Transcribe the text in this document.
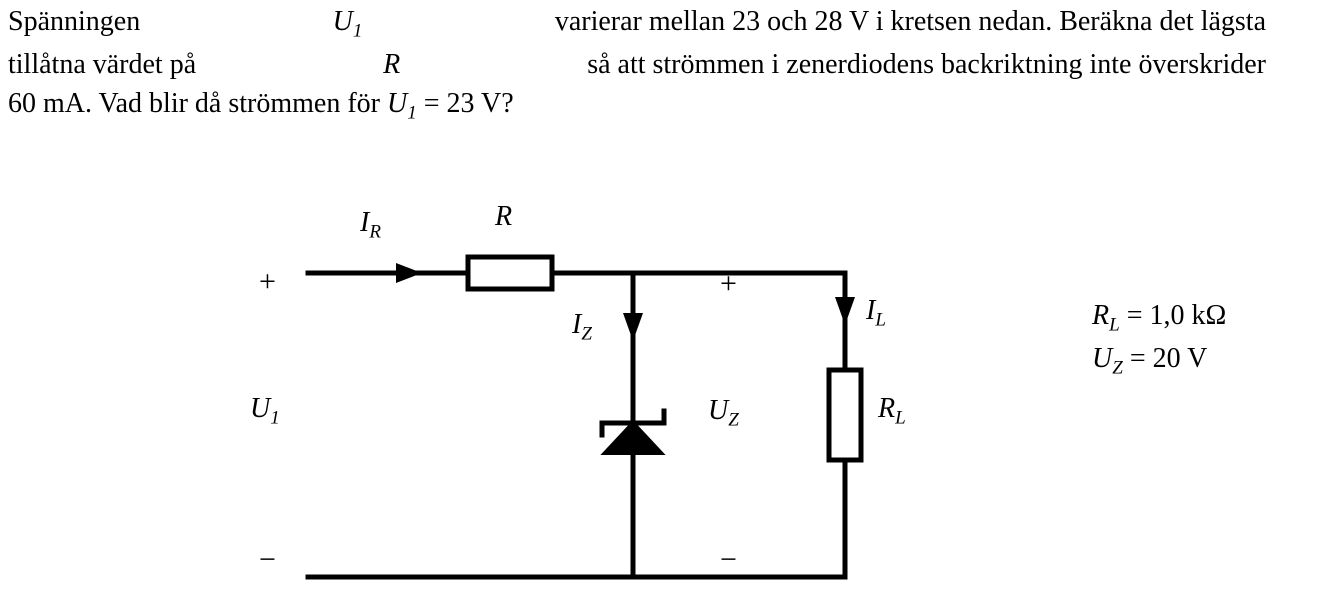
Spänningen	$U_1$	varierar mellan 23 och 28 V i kretsen nedan. Beräkna det lägsta
tillåtna värdet på	R	så att strömmen i zenerdiodens backriktning inte överskrider
60 mA. Vad blir då strömmen för $U_1 = 23$ V?
$I_R$
R
+
−
$U_1$
$I_Z$
+
−
$U_Z$
$I_L$
$R_L$
$R_L = 1,0$ kΩ
$U_Z = 20$ V
